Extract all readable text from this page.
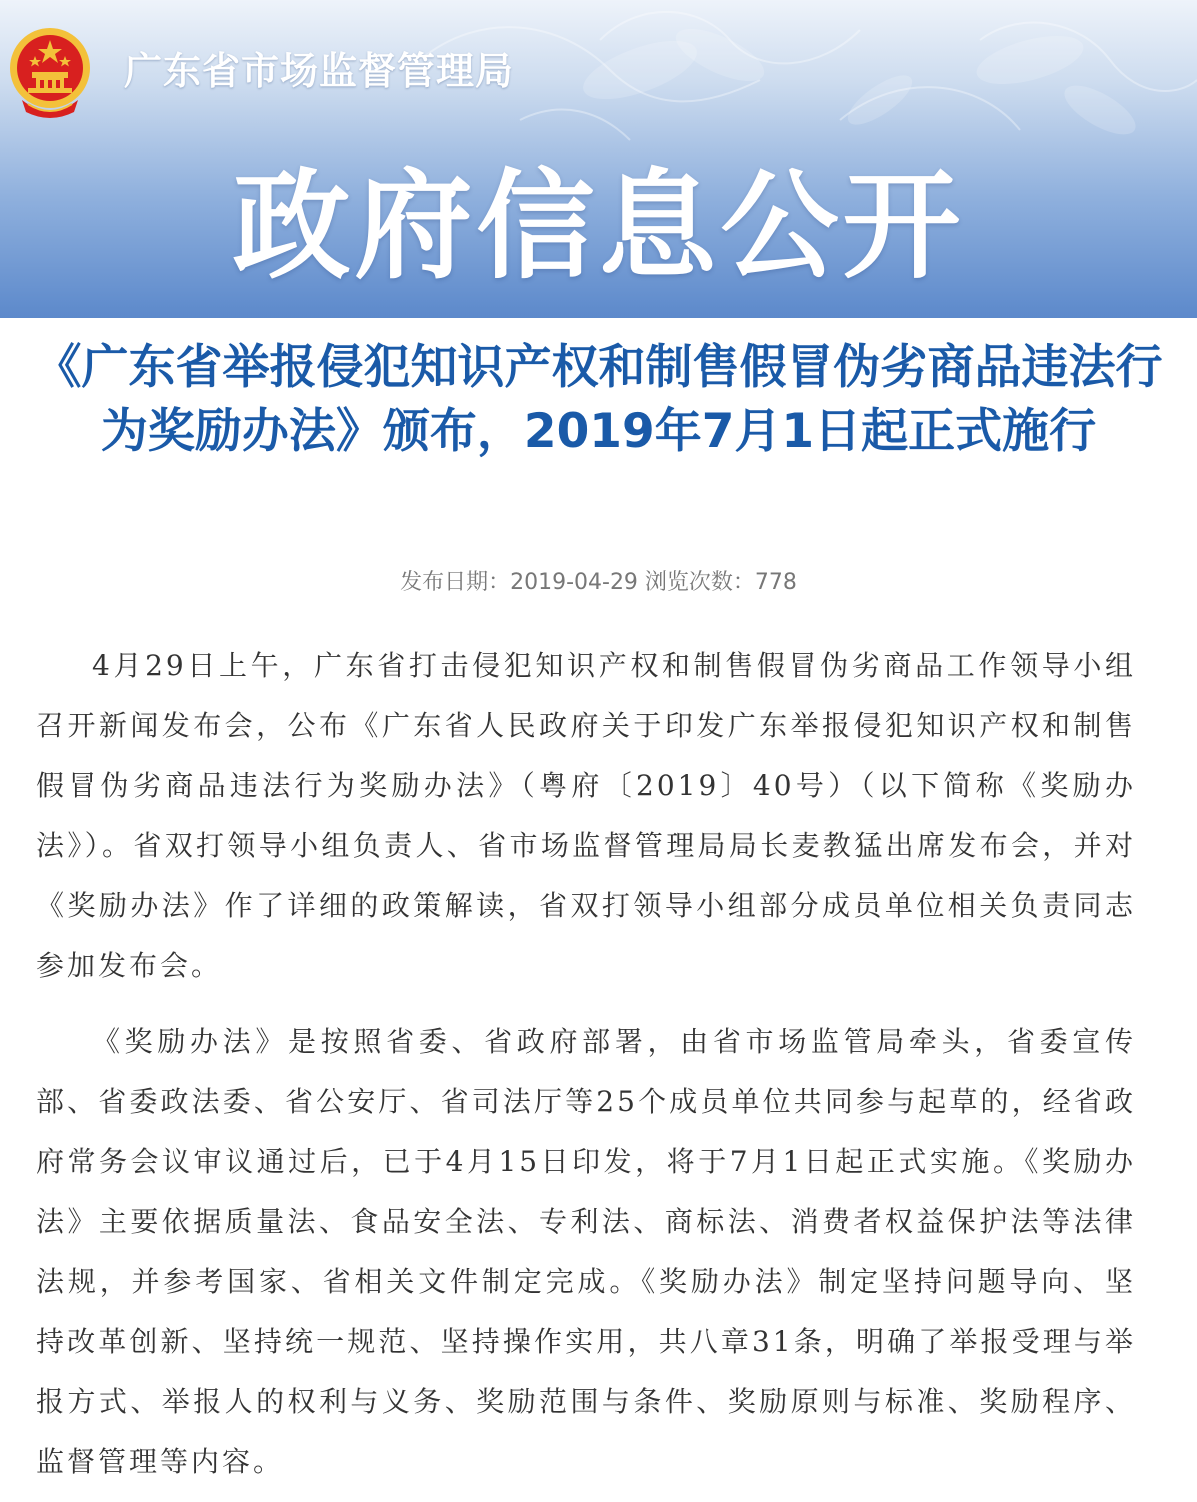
广东省市场监督管理局
政府信息公开
《广东省举报侵犯知识产权和制售假冒伪劣商品违法行为奖励办法》颁布，2019年7月1日起正式施行
发布日期：2019-04-29 浏览次数：778

4月29日上午，广东省打击侵犯知识产权和制售假冒伪劣商品工作领导小组召开新闻发布会，公布《广东省人民政府关于印发广东举报侵犯知识产权和制售假冒伪劣商品违法行为奖励办法》（粤府〔2019〕40号）（以下简称《奖励办法》）。省双打领导小组负责人、省市场监督管理局局长麦教猛出席发布会，并对《奖励办法》作了详细的政策解读，省双打领导小组部分成员单位相关负责同志参加发布会。

《奖励办法》是按照省委、省政府部署，由省市场监管局牵头，省委宣传部、省委政法委、省公安厅、省司法厅等25个成员单位共同参与起草的，经省政府常务会议审议通过后，已于4月15日印发，将于7月1日起正式实施。《奖励办法》主要依据质量法、食品安全法、专利法、商标法、消费者权益保护法等法律法规，并参考国家、省相关文件制定完成。《奖励办法》制定坚持问题导向、坚持改革创新、坚持统一规范、坚持操作实用，共八章31条，明确了举报受理与举报方式、举报人的权利与义务、奖励范围与条件、奖励原则与标准、奖励程序、监督管理等内容。
